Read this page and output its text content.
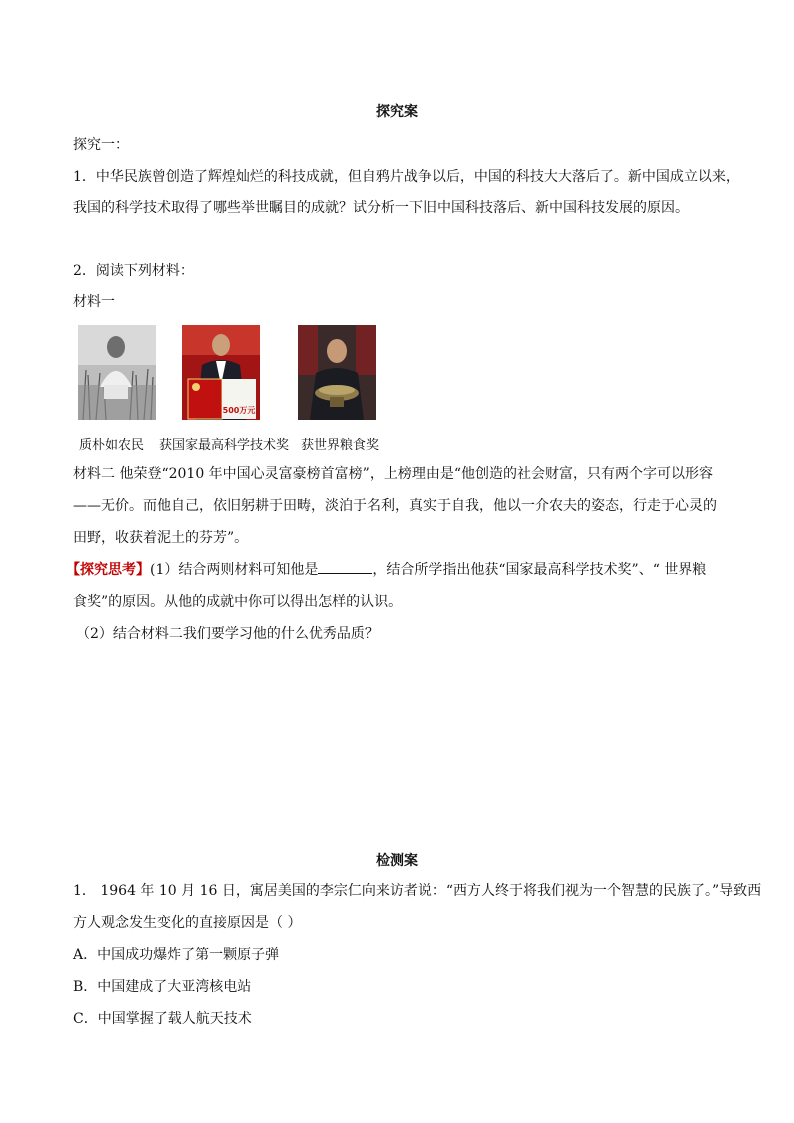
探究案
探究一：
1．中华民族曾创造了辉煌灿烂的科技成就，但自鸦片战争以后，中国的科技大大落后了。新中国成立以来，
我国的科学技术取得了哪些举世瞩目的成就？试分析一下旧中国科技落后、新中国科技发展的原因。
2．阅读下列材料：
材料一
500万元
质朴如农民 获国家最高科学技术奖 获世界粮食奖
材料二 他荣登“2010 年中国心灵富豪榜首富榜”，上榜理由是“他创造的社会财富，只有两个字可以形容
——无价。而他自己，依旧躬耕于田畴，淡泊于名利，真实于自我，他以一介农夫的姿态，行走于心灵的
田野，收获着泥土的芬芳”。
【探究思考】(1）结合两则材料可知他是	，结合所学指出他获“国家最高科学技术奖”、“ 世界粮
食奖”的原因。从他的成就中你可以得出怎样的认识。
（2）结合材料二我们要学习他的什么优秀品质？
检测案
1． 1964 年 10 月 16 日，寓居美国的李宗仁向来访者说：“西方人终于将我们视为一个智慧的民族了。”导致西
方人观念发生变化的直接原因是（ ）
A．中国成功爆炸了第一颗原子弹
B．中国建成了大亚湾核电站
C．中国掌握了载人航天技术
